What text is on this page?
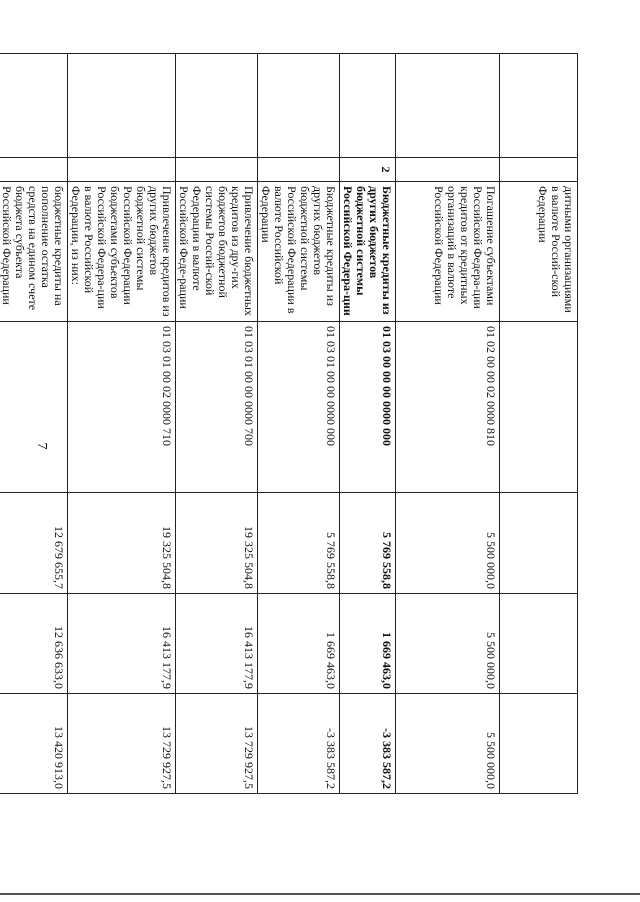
7
		дитными организациями в валюте Россий-ской Федерации				
		Погашение субъектами Российской Федера-ции кредитов от кредитных организаций в валюте Российской Федерации	01 02 00 00 02 0000 810	5 500 000,0	5 500 000,0	5 500 000,0
	2	Бюджетные кредиты из других бюджетов бюджетной системы Российской Федера-ции	01 03 00 00 00 0000 000	5 769 558,8	1 669 463,0	-3 383 587,2
		Бюджетные кредиты из других бюджетов бюджетной системы Российской Федерации в валюте Российской Федерации	01 03 01 00 00 0000 000	5 769 558,8	1 669 463,0	-3 383 587,2
		Привлечение бюджетных кредитов из дру-гих бюджетов бюджетной системы Россий-ской Федерации в валюте Российской Феде-рации	01 03 01 00 00 0000 700	19 325 504,8	16 413 177,9	13 729 927,5
		Привлечение кредитов из других бюджетов бюджетной системы Российской Федерации бюджетами субъектов Российской Федера-ции в валюте Российской Федерации, из них:	01 03 01 00 02 0000 710	19 325 504,8	16 413 177,9	13 729 927,5
		бюджетные кредиты на пополнение остатка средств на едином счете бюджета субъекта Российской Федерации		12 679 655,7	12 636 633,0	13 420 913,0
